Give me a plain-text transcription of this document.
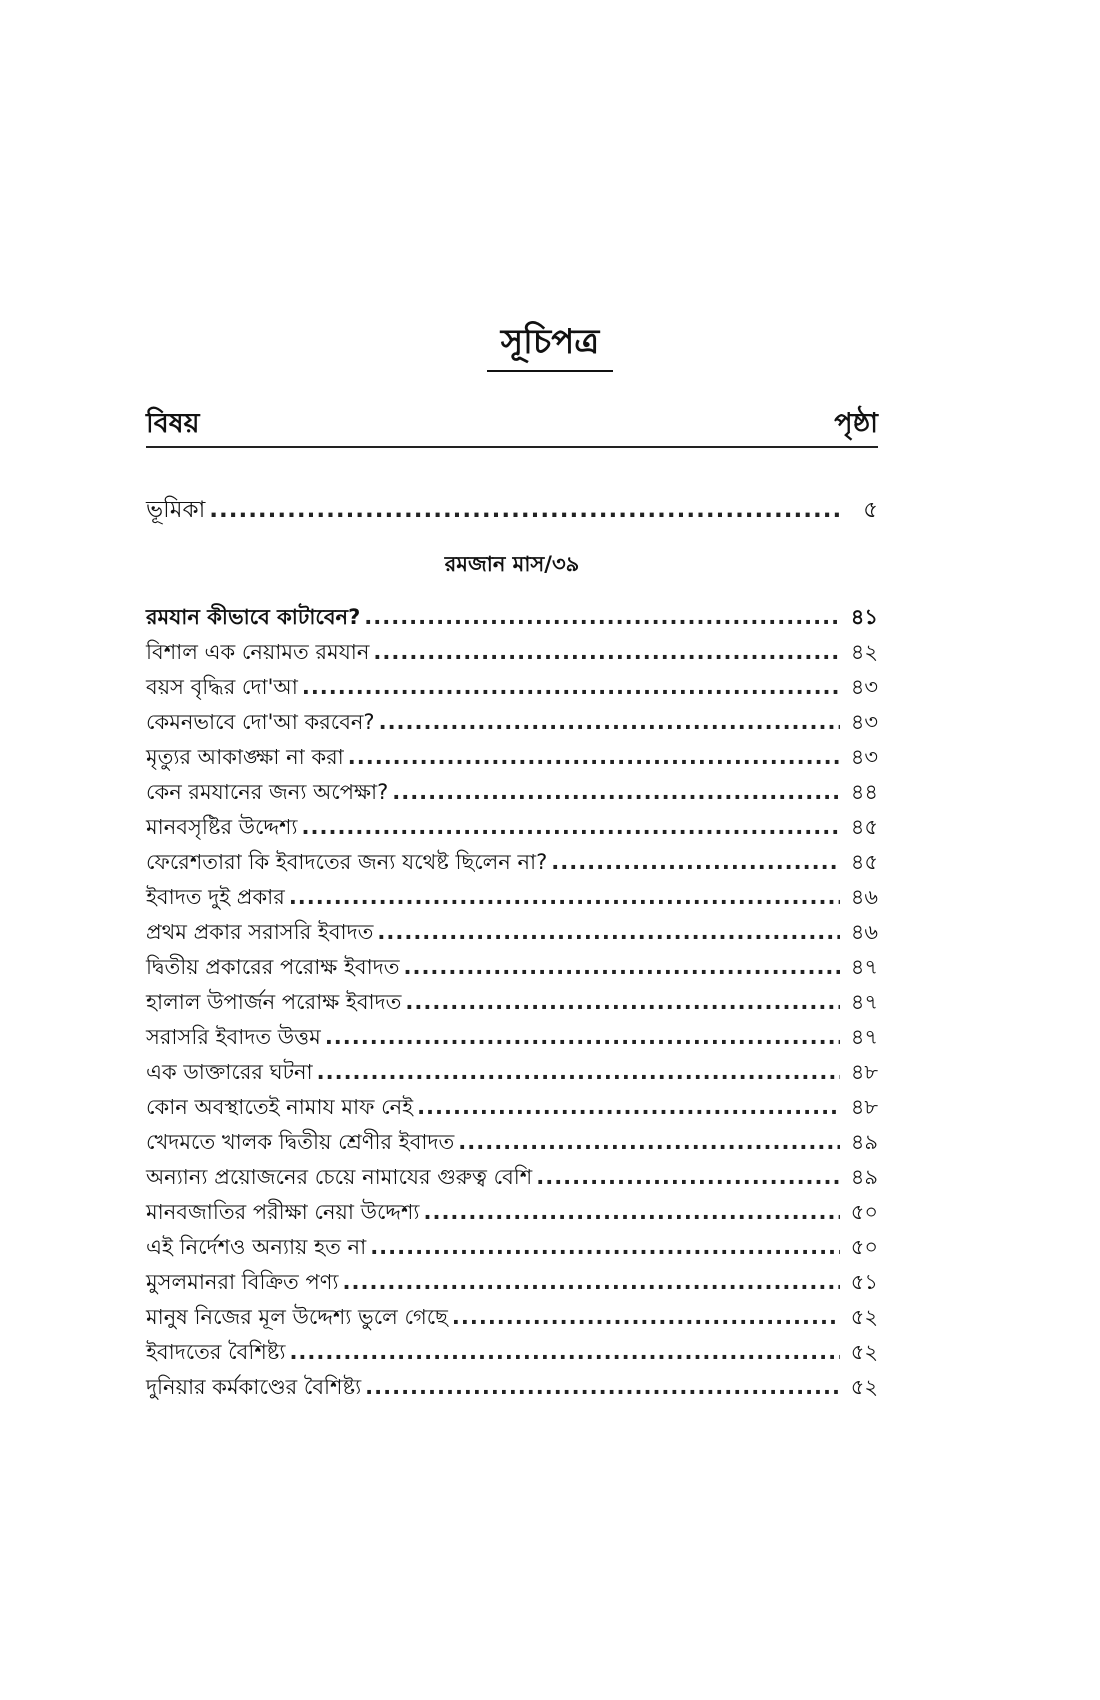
সূচিপত্র
বিষয়	পৃষ্ঠা
ভূমিকা .....	৫
রমজান মাস/৩৯
রমযান কীভাবে কাটাবেন? .....	৪১
বিশাল এক নেয়ামত রমযান .....	৪২
বয়স বৃদ্ধির দো'আ .....	৪৩
কেমনভাবে দো'আ করবেন? .....	৪৩
মৃত্যুর আকাঙ্ক্ষা না করা .....	৪৩
কেন রমযানের জন্য অপেক্ষা? .....	৪৪
মানবসৃষ্টির উদ্দেশ্য .....	৪৫
ফেরেশতারা কি ইবাদতের জন্য যথেষ্ট ছিলেন না? .....	৪৫
ইবাদত দুই প্রকার .....	৪৬
প্রথম প্রকার সরাসরি ইবাদত .....	৪৬
দ্বিতীয় প্রকারের পরোক্ষ ইবাদত .....	৪৭
হালাল উপার্জন পরোক্ষ ইবাদত .....	৪৭
সরাসরি ইবাদত উত্তম .....	৪৭
এক ডাক্তারের ঘটনা .....	৪৮
কোন অবস্থাতেই নামায মাফ নেই .....	৪৮
খেদমতে খালক দ্বিতীয় শ্রেণীর ইবাদত .....	৪৯
অন্যান্য প্রয়োজনের চেয়ে নামাযের গুরুত্ব বেশি .....	৪৯
মানবজাতির পরীক্ষা নেয়া উদ্দেশ্য .....	৫০
এই নির্দেশও অন্যায় হত না .....	৫০
মুসলমানরা বিক্রিত পণ্য .....	৫১
মানুষ নিজের মূল উদ্দেশ্য ভুলে গেছে .....	৫২
ইবাদতের বৈশিষ্ট্য .....	৫২
দুনিয়ার কর্মকাণ্ডের বৈশিষ্ট্য .....	৫২
